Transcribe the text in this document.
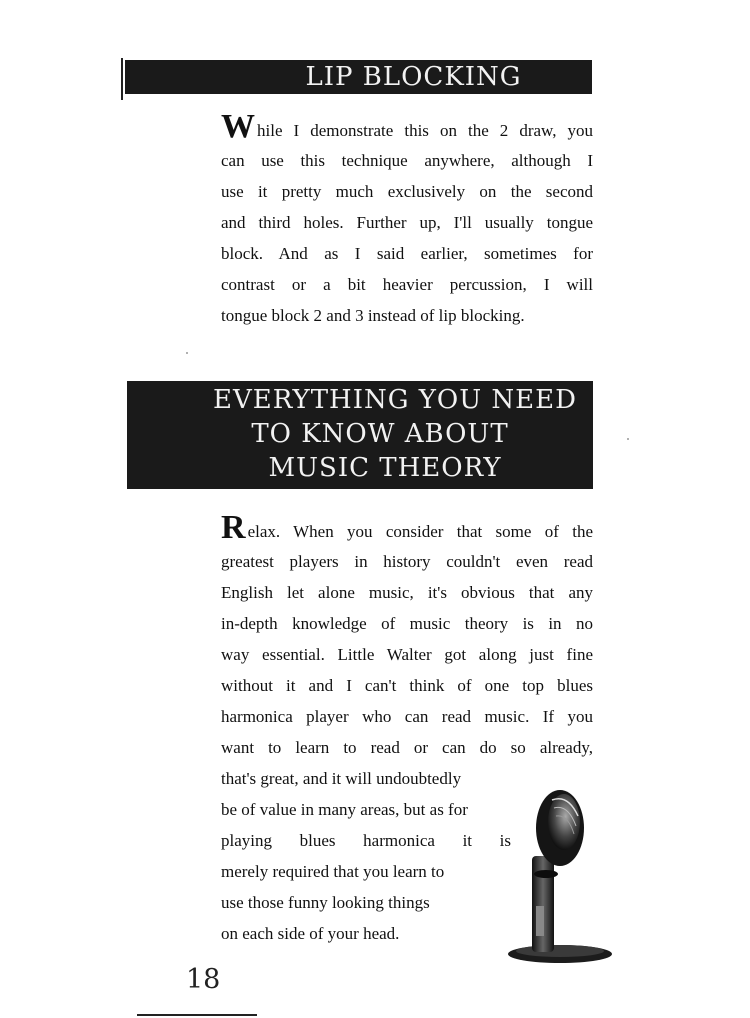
LIP BLOCKING
While I demonstrate this on the 2 draw, you
can use this technique anywhere, although I
use it pretty much exclusively on the second
and third holes. Further up, I'll usually tongue
block. And as I said earlier, sometimes for
contrast or a bit heavier percussion, I will
tongue block 2 and 3 instead of lip blocking.
EVERYTHING YOU NEED
TO KNOW ABOUT
MUSIC THEORY
Relax. When you consider that some of the
greatest players in history couldn't even read
English let alone music, it's obvious that any
in-depth knowledge of music theory is in no
way essential. Little Walter got along just fine
without it and I can't think of one top blues
harmonica player who can read music. If you
want to learn to read or can do so already,
that's great, and it will undoubtedly
be of value in many areas, but as for
playing blues harmonica it is
merely required that you learn to
use those funny looking things
on each side of your head.
18
